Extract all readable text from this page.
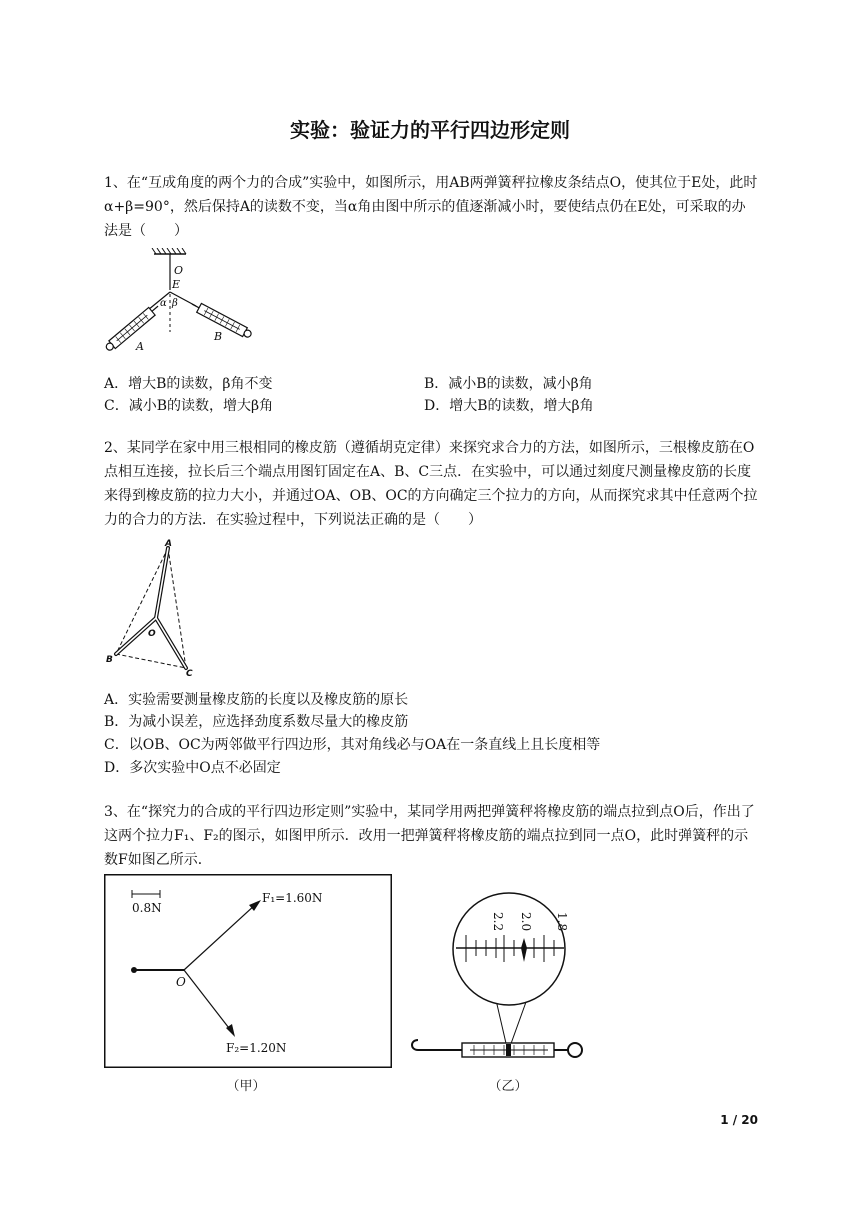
实验：验证力的平行四边形定则

1、在“互成角度的两个力的合成”实验中，如图所示，用AB两弹簧秤拉橡皮条结点O，使其位于E处，此时α+β=90°，然后保持A的读数不变，当α角由图中所示的值逐渐减小时，要使结点仍在E处，可采取的办法是（　　）

O
E
α β
A
B
A．增大B的读数，β角不变	B．减小B的读数，减小β角
C．减小B的读数，增大β角	D．增大B的读数，增大β角

2、某同学在家中用三根相同的橡皮筋（遵循胡克定律）来探究求合力的方法，如图所示，三根橡皮筋在O点相互连接，拉长后三个端点用图钉固定在A、B、C三点．在实验中，可以通过刻度尺测量橡皮筋的长度来得到橡皮筋的拉力大小，并通过OA、OB、OC的方向确定三个拉力的方向，从而探究求其中任意两个拉力的合力的方法．在实验过程中，下列说法正确的是（　　）

A
B
C
O
A．实验需要测量橡皮筋的长度以及橡皮筋的原长
B．为减小误差，应选择劲度系数尽量大的橡皮筋
C．以OB、OC为两邻做平行四边形，其对角线必与OA在一条直线上且长度相等
D．多次实验中O点不必固定

3、在“探究力的合成的平行四边形定则”实验中，某同学用两把弹簧秤将橡皮筋的端点拉到点O后，作出了这两个拉力F₁、F₂的图示，如图甲所示．改用一把弹簧秤将橡皮筋的端点拉到同一点O，此时弹簧秤的示数F如图乙所示．

0.8N
O
F₁=1.60N
F₂=1.20N
（甲）
2.2 2.0 1.8
（乙）
1 / 20
